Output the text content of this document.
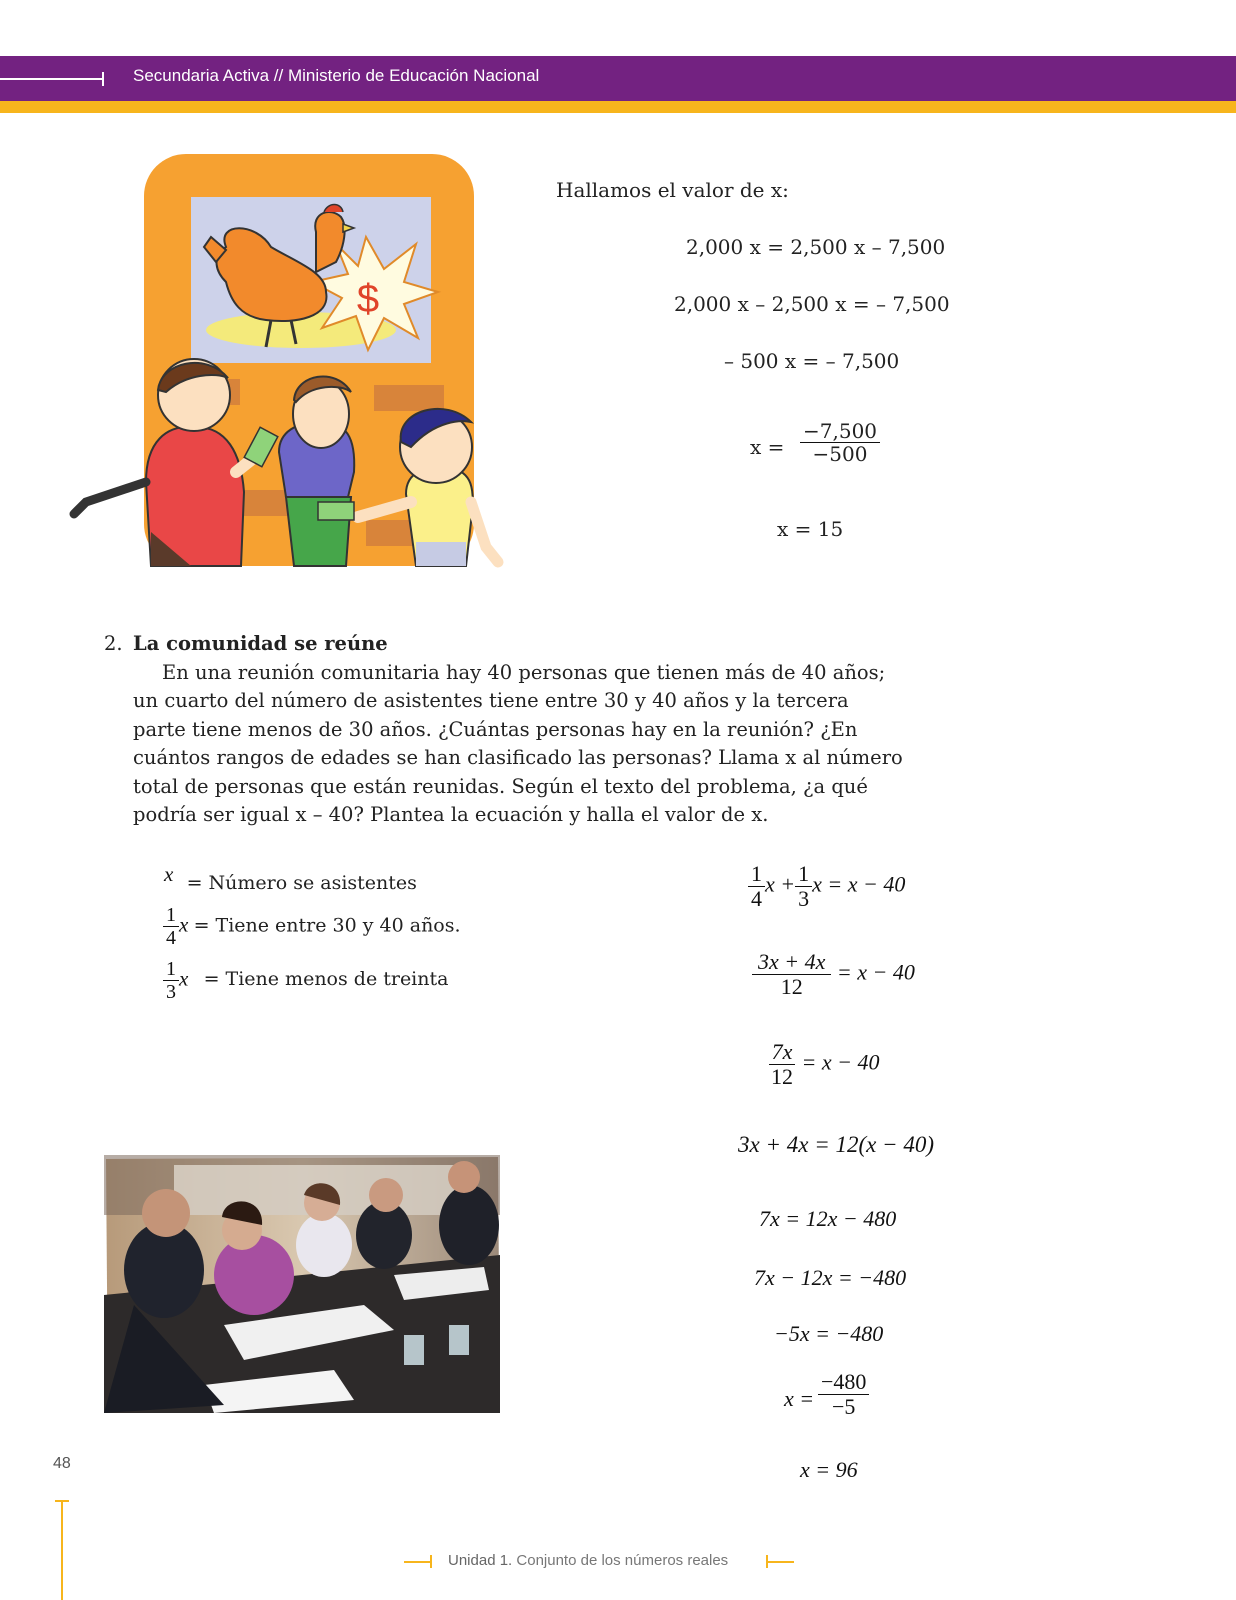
Secundaria Activa // Ministerio de Educación Nacional
$
Hallamos el valor de x:
2,000 x = 2,500 x – 7,500
2,000 x – 2,500 x = – 7,500
– 500 x = – 7,500
$x = \frac{-7,500}{-500}$
x = 15
2. La comunidad se reúne
En una reunión comunitaria hay 40 personas que tienen más de 40 años; un cuarto del número de asistentes tiene entre 30 y 40 años y la tercera parte tiene menos de 30 años. ¿Cuántas personas hay en la reunión? ¿En cuántos rangos de edades se han clasificado las personas? Llama x al número total de personas que están reunidas. Según el texto del problema, ¿a qué podría ser igual x – 40? Plantea la ecuación y halla el valor de x.
x = Número se asistentes
$\frac{1}{4}$ x = Tiene entre 30 y 40 años.
$\frac{1}{3}$ x = Tiene menos de treinta
$\frac{1}{4}$ $x + \frac{1}{3}$ x = x − 40
$\frac{3x + 4x}{12} = x - 40$
$\frac{7x}{12} = x - 40$
3x + 4x = 12(x − 40)
7x = 12x − 480
7x − 12x = −480
−5x = −480
$x = \frac{-480}{-5}$
x = 96
48
Unidad 1. Conjunto de los números reales
